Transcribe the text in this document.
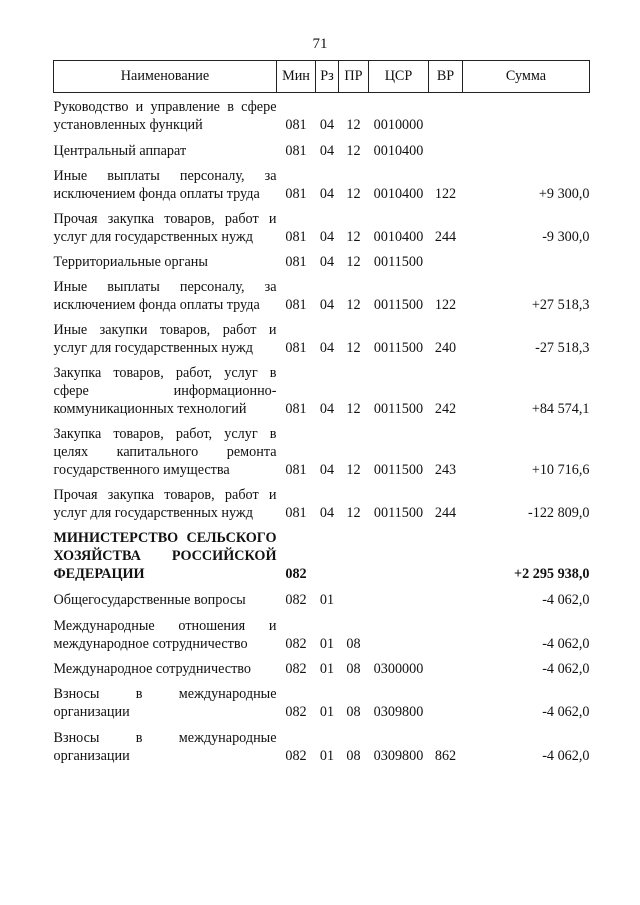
71
Наименование	Мин	Рз	ПР	ЦСР	ВР	Сумма
Руководство и управление в сфере установленных функций	081	04	12	0010000		
Центральный аппарат	081	04	12	0010400		
Иные выплаты персоналу, за исключением фонда оплаты труда	081	04	12	0010400	122	+9 300,0
Прочая закупка товаров, работ и услуг для государственных нужд	081	04	12	0010400	244	-9 300,0
Территориальные органы	081	04	12	0011500		
Иные выплаты персоналу, за исключением фонда оплаты труда	081	04	12	0011500	122	+27 518,3
Иные закупки товаров, работ и услуг для государственных нужд	081	04	12	0011500	240	-27 518,3
Закупка товаров, работ, услуг в сфере информационно-коммуникационных технологий	081	04	12	0011500	242	+84 574,1
Закупка товаров, работ, услуг в целях капитального ремонта государственного имущества	081	04	12	0011500	243	+10 716,6
Прочая закупка товаров, работ и услуг для государственных нужд	081	04	12	0011500	244	-122 809,0
МИНИСТЕРСТВО СЕЛЬСКОГО ХОЗЯЙСТВА РОССИЙСКОЙ ФЕДЕРАЦИИ	082					+2 295 938,0
Общегосударственные вопросы	082	01				-4 062,0
Международные отношения и международное сотрудничество	082	01	08			-4 062,0
Международное сотрудничество	082	01	08	0300000		-4 062,0
Взносы в международные организации	082	01	08	0309800		-4 062,0
Взносы в международные организации	082	01	08	0309800	862	-4 062,0
